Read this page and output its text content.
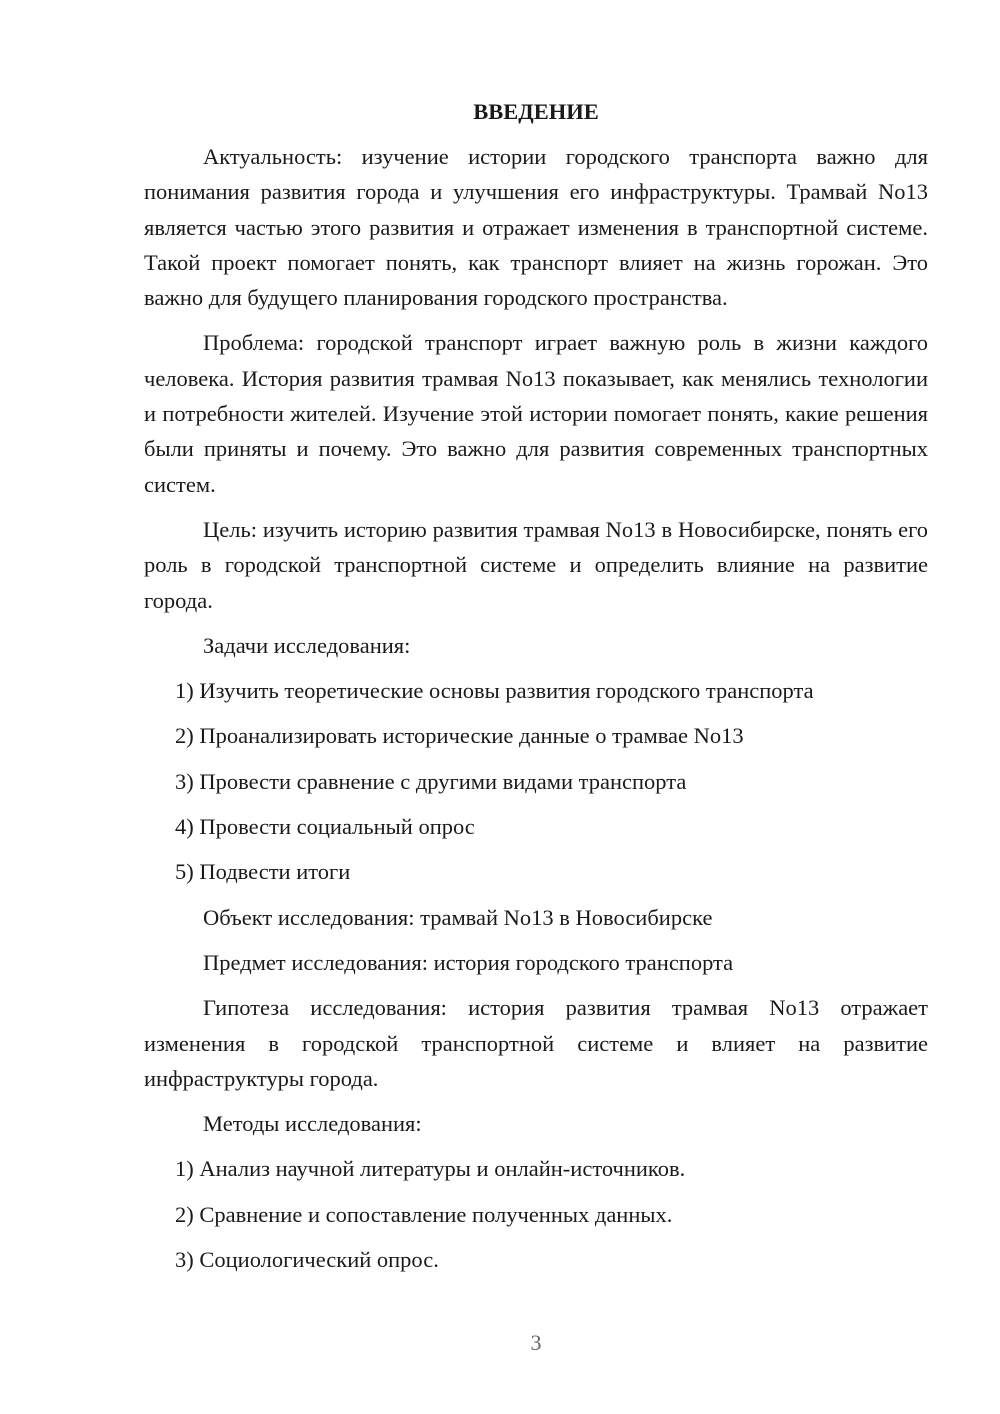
ВВЕДЕНИЕ
Актуальность: изучение истории городского транспорта важно для понимания развития города и улучшения его инфраструктуры. Трамвай No13 является частью этого развития и отражает изменения в транспортной системе. Такой проект помогает понять, как транспорт влияет на жизнь горожан. Это важно для будущего планирования городского пространства.
Проблема: городской транспорт играет важную роль в жизни каждого человека. История развития трамвая No13 показывает, как менялись технологии и потребности жителей. Изучение этой истории помогает понять, какие решения были приняты и почему. Это важно для развития современных транспортных систем.
Цель: изучить историю развития трамвая No13 в Новосибирске, понять его роль в городской транспортной системе и определить влияние на развитие города.
Задачи исследования:
1) Изучить теоретические основы развития городского транспорта
2) Проанализировать исторические данные о трамвае No13
3) Провести сравнение с другими видами транспорта
4) Провести социальный опрос
5) Подвести итоги
Объект исследования: трамвай No13 в Новосибирске
Предмет исследования: история городского транспорта
Гипотеза исследования: история развития трамвая No13 отражает изменения в городской транспортной системе и влияет на развитие инфраструктуры города.
Методы исследования:
1) Анализ научной литературы и онлайн-источников.
2) Сравнение и сопоставление полученных данных.
3) Социологический опрос.
3
